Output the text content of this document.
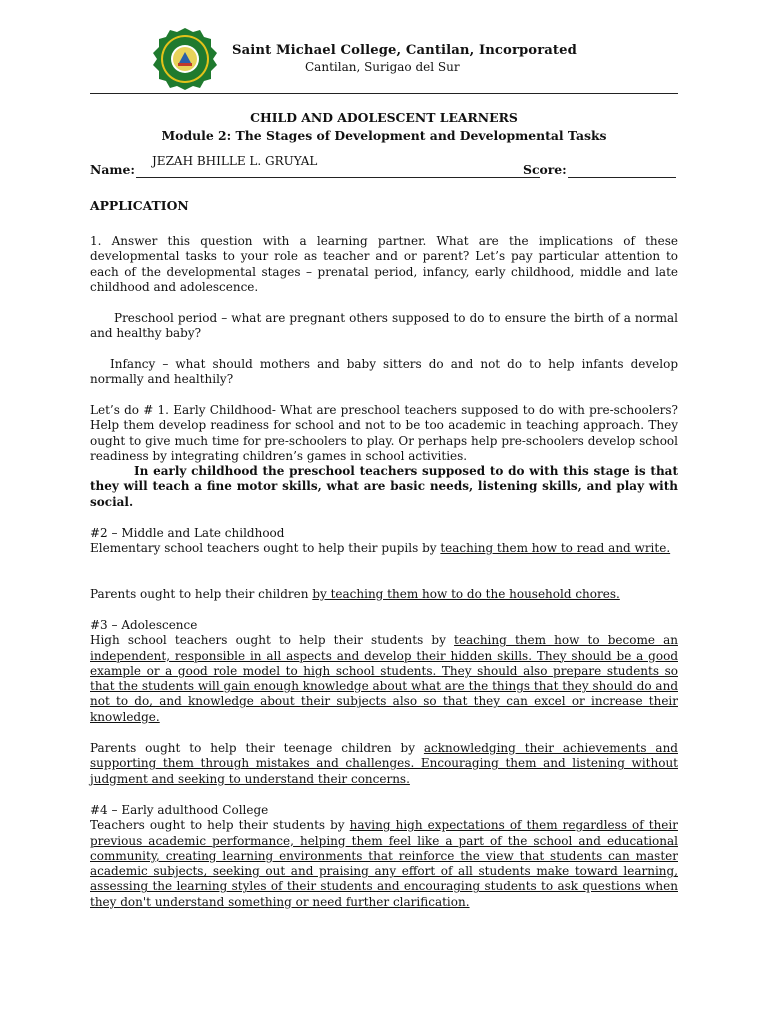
Saint Michael College, Cantilan, Incorporated
Cantilan, Surigao del Sur
CHILD AND ADOLESCENT LEARNERS
Module 2: The Stages of Development and Developmental Tasks
Name:
JEZAH BHILLE L. GRUYAL
Score:
APPLICATION

1. Answer this question with a learning partner. What are the implications of these developmental tasks to your role as teacher and or parent? Let’s pay particular attention to each of the developmental stages – prenatal period, infancy, early childhood, middle and late childhood and adolescence.

Preschool period – what are pregnant others supposed to do to ensure the birth of a normal and healthy baby?

Infancy – what should mothers and baby sitters do and not do to help infants develop normally and healthily?

Let’s do # 1. Early Childhood- What are preschool teachers supposed to do with pre-schoolers? Help them develop readiness for school and not to be too academic in teaching approach. They ought to give much time for pre-schoolers to play. Or perhaps help pre-schoolers develop school readiness by integrating children’s games in school activities.

In early childhood the preschool teachers supposed to do with this stage is that they will teach a fine motor skills, what are basic needs, listening skills, and play with social.

#2 – Middle and Late childhood
Elementary school teachers ought to help their pupils by teaching them how to read and write.

Parents ought to help their children by teaching them how to do the household chores.

#3 – Adolescence
High school teachers ought to help their students by teaching them how to become an independent, responsible in all aspects and develop their hidden skills. They should be a good example or a good role model to high school students. They should also prepare students so that the students will gain enough knowledge about what are the things that they should do and not to do, and knowledge about their subjects also so that they can excel or increase their knowledge.

Parents ought to help their teenage children by acknowledging their achievements and supporting them through mistakes and challenges. Encouraging them and listening without judgment and seeking to understand their concerns.

#4 – Early adulthood College
Teachers ought to help their students by having high expectations of them regardless of their previous academic performance, helping them feel like a part of the school and educational community, creating learning environments that reinforce the view that students can master academic subjects, seeking out and praising any effort of all students make toward learning, assessing the learning styles of their students and encouraging students to ask questions when they don't understand something or need further clarification.
